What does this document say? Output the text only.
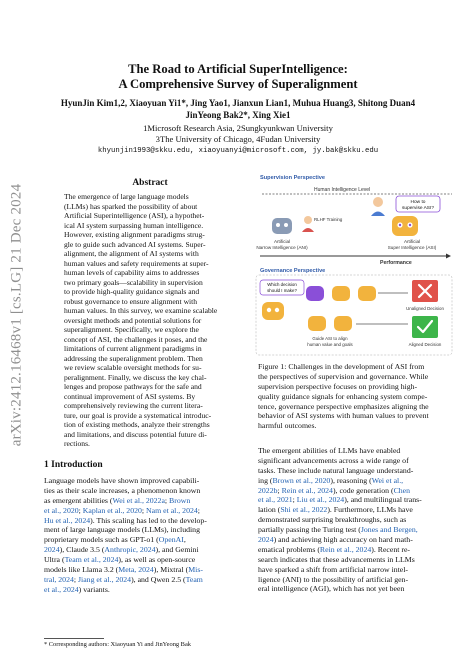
arXiv:2412.16468v1 [cs.LG] 21 Dec 2024
The Road to Artificial SuperIntelligence:
A Comprehensive Survey of Superalignment
HyunJin Kim1,2, Xiaoyuan Yi1*, Jing Yao1, Jianxun Lian1, Muhua Huang3, Shitong Duan4
JinYeong Bak2*, Xing Xie1
1Microsoft Research Asia, 2Sungkyunkwan University
3The University of Chicago, 4Fudan University
khyunjin1993@skku.edu, xiaoyuanyi@microsoft.com, jy.bak@skku.edu
Abstract
The emergence of large language models
(LLMs) has sparked the possibility of about
Artificial Superintelligence (ASI), a hypothet-
ical AI system surpassing human intelligence.
However, existing alignment paradigms strug-
gle to guide such advanced AI systems. Super-
alignment, the alignment of AI systems with
human values and safety requirements at super-
human levels of capability aims to addresses
two primary goals—scalability in supervision
to provide high-quality guidance signals and
robust governance to ensure alignment with
human values. In this survey, we examine scalable
oversight methods and potential solutions for
superalignment. Specifically, we explore the
concept of ASI, the challenges it poses, and the
limitations of current alignment paradigms in
addressing the superalignment problem. Then
we review scalable oversight methods for su-
peralignment. Finally, we discuss the key chal-
lenges and propose pathways for the safe and
continual improvement of ASI systems. By
comprehensively reviewing the current litera-
ture, our goal is provide a systematical introduc-
tion of existing methods, analyze their strengths
and limitations, and discuss potential future di-
rections.
1 Introduction
Language models have shown improved capabili-
ties as their scale increases, a phenomenon known
as emergent abilities (Wei et al., 2022a; Brown
et al., 2020; Kaplan et al., 2020; Nam et al., 2024;
Hu et al., 2024). This scaling has led to the develop-
ment of large language models (LLMs), including
proprietary models such as GPT-o1 (OpenAI,
2024), Claude 3.5 (Anthropic, 2024), and Gemini
Ultra (Team et al., 2024), as well as open-source
models like Llama 3.2 (Meta, 2024), Mixtral (Mis-
tral, 2024; Jiang et al., 2024), and Qwen 2.5 (Team
et al., 2024) variants.
* Corresponding authors: Xiaoyuan Yi and JinYeong Bak
Supervision Perspective
Human Intelligence Level
How to
supervise ASI?
RLHF Training
Artificial
Narrow Intelligence (ANI)
Artificial
Super Intelligence (ASI)
Performance
Governance Perspective
Which decision
should I make?
Unaligned Decision
Aligned Decision
Guide ASI to align
human value and goals
Figure 1: Challenges in the development of ASI from
the perspectives of supervision and governance. While
supervision perspective focuses on providing high-
quality guidance signals for enhancing system compe-
tence, governance perspective emphasizes aligning the
behavior of ASI systems with human values to prevent
harmful outcomes.
The emergent abilities of LLMs have enabled
significant advancements across a wide range of
tasks. These include natural language understand-
ing (Brown et al., 2020), reasoning (Wei et al.,
2022b; Rein et al., 2024), code generation (Chen
et al., 2021; Liu et al., 2024), and multilingual trans-
lation (Shi et al., 2022). Furthermore, LLMs have
demonstrated surprising breakthroughs, such as
partially passing the Turing test (Jones and Bergen,
2024) and achieving high accuracy on hard math-
ematical problems (Rein et al., 2024). Recent re-
search indicates that these advancements in LLMs
have sparked a shift from artificial narrow intel-
ligence (ANI) to the possibility of artificial gen-
eral intelligence (AGI), which has not yet been
